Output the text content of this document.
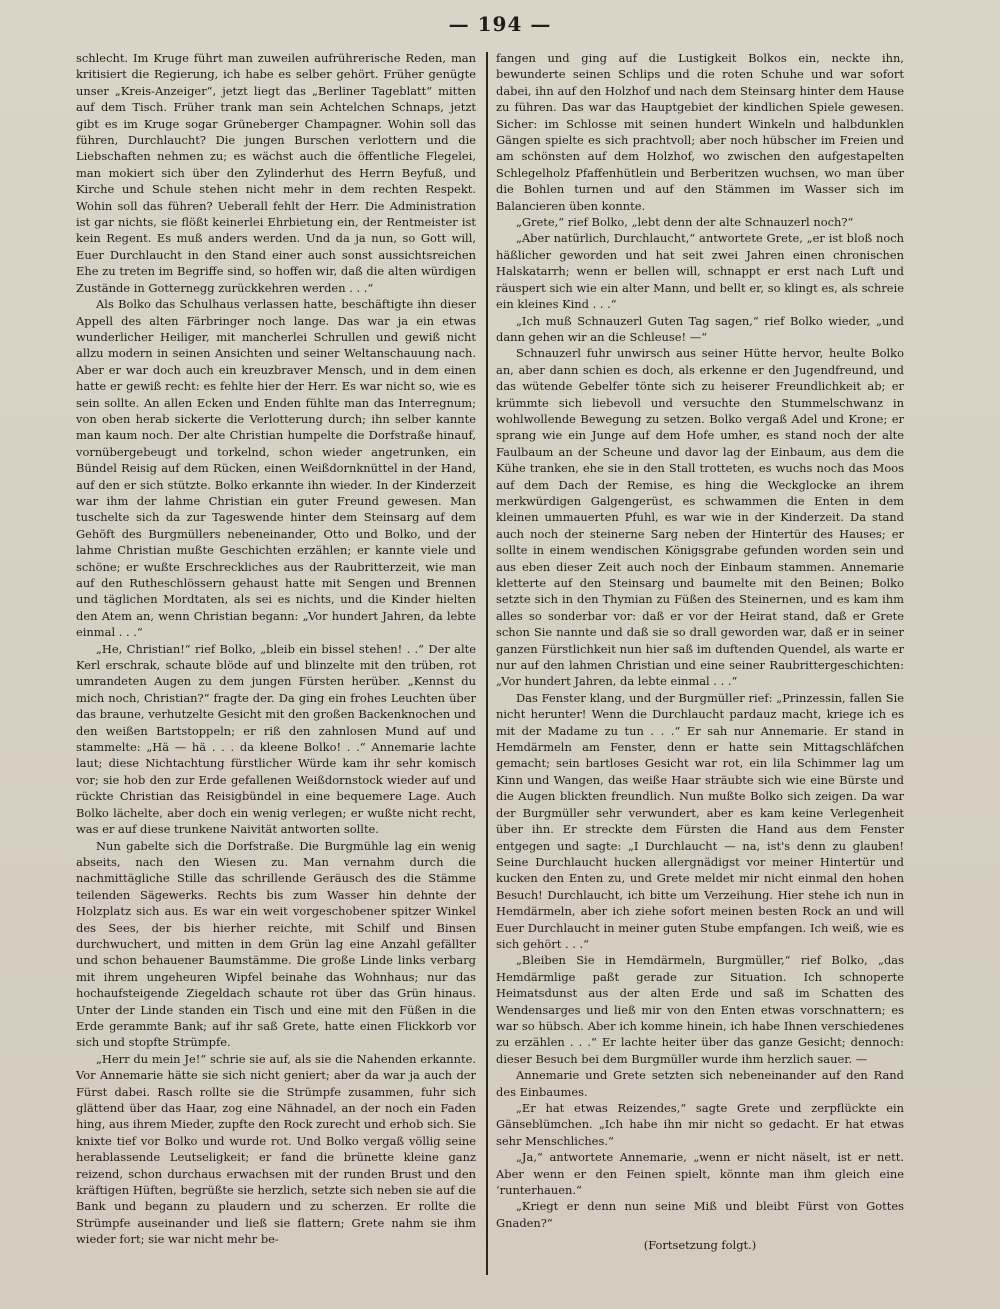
— 194 —

schlecht. Im Kruge führt man zuweilen aufrührerische Reden, man kritisiert die Regierung, ich habe es selber gehört. Früher genügte unser „Kreis-Anzeiger“, jetzt liegt das „Berliner Tageblatt“ mitten auf dem Tisch. Früher trank man sein Achtelchen Schnaps, jetzt gibt es im Kruge sogar Grüneberger Champagner. Wohin soll das führen, Durchlaucht? Die jungen Burschen verlottern und die Liebschaften nehmen zu; es wächst auch die öffentliche Flegelei, man mokiert sich über den Zylinderhut des Herrn Beyfuß, und Kirche und Schule stehen nicht mehr in dem rechten Respekt. Wohin soll das führen? Ueberall fehlt der Herr. Die Administration ist gar nichts, sie flößt keinerlei Ehrbietung ein, der Rentmeister ist kein Regent. Es muß anders werden. Und da ja nun, so Gott will, Euer Durchlaucht in den Stand einer auch sonst aussichtsreichen Ehe zu treten im Begriffe sind, so hoffen wir, daß die alten würdigen Zustände in Gotternegg zurückkehren werden . . .“

Als Bolko das Schulhaus verlassen hatte, beschäftigte ihn dieser Appell des alten Färbringer noch lange. Das war ja ein etwas wunderlicher Heiliger, mit mancherlei Schrullen und gewiß nicht allzu modern in seinen Ansichten und seiner Weltanschauung nach. Aber er war doch auch ein kreuzbraver Mensch, und in dem einen hatte er gewiß recht: es fehlte hier der Herr. Es war nicht so, wie es sein sollte. An allen Ecken und Enden fühlte man das Interregnum; von oben herab sickerte die Verlotterung durch; ihn selber kannte man kaum noch. Der alte Christian humpelte die Dorfstraße hinauf, vornübergebeugt und torkelnd, schon wieder angetrunken, ein Bündel Reisig auf dem Rücken, einen Weißdornknüttel in der Hand, auf den er sich stützte. Bolko erkannte ihn wieder. In der Kinderzeit war ihm der lahme Christian ein guter Freund gewesen. Man tuschelte sich da zur Tageswende hinter dem Steinsarg auf dem Gehöft des Burgmüllers nebeneinander, Otto und Bolko, und der lahme Christian mußte Geschichten erzählen; er kannte viele und schöne; er wußte Erschreckliches aus der Raubritterzeit, wie man auf den Rutheschlössern gehaust hatte mit Sengen und Brennen und täglichen Mordtaten, als sei es nichts, und die Kinder hielten den Atem an, wenn Christian begann: „Vor hundert Jahren, da lebte einmal . . .“

„He, Christian!“ rief Bolko, „bleib ein bissel stehen! . .“ Der alte Kerl erschrak, schaute blöde auf und blinzelte mit den trüben, rot umrandeten Augen zu dem jungen Fürsten herüber. „Kennst du mich noch, Christian?“ fragte der. Da ging ein frohes Leuchten über das braune, verhutzelte Gesicht mit den großen Backenknochen und den weißen Bartstoppeln; er riß den zahnlosen Mund auf und stammelte: „Hä — hä . . . da kleene Bolko! . .“ Annemarie lachte laut; diese Nichtachtung fürstlicher Würde kam ihr sehr komisch vor; sie hob den zur Erde gefallenen Weißdornstock wieder auf und rückte Christian das Reisigbündel in eine bequemere Lage. Auch Bolko lächelte, aber doch ein wenig verlegen; er wußte nicht recht, was er auf diese trunkene Naivität antworten sollte.

Nun gabelte sich die Dorfstraße. Die Burgmühle lag ein wenig abseits, nach den Wiesen zu. Man vernahm durch die nachmittägliche Stille das schrillende Geräusch des die Stämme teilenden Sägewerks. Rechts bis zum Wasser hin dehnte der Holzplatz sich aus. Es war ein weit vorgeschobener spitzer Winkel des Sees, der bis hierher reichte, mit Schilf und Binsen durchwuchert, und mitten in dem Grün lag eine Anzahl gefällter und schon behauener Baumstämme. Die große Linde links verbarg mit ihrem ungeheuren Wipfel beinahe das Wohnhaus; nur das hochaufsteigende Ziegeldach schaute rot über das Grün hinaus. Unter der Linde standen ein Tisch und eine mit den Füßen in die Erde gerammte Bank; auf ihr saß Grete, hatte einen Flickkorb vor sich und stopfte Strümpfe.

„Herr du mein Je!“ schrie sie auf, als sie die Nahenden erkannte. Vor Annemarie hätte sie sich nicht geniert; aber da war ja auch der Fürst dabei. Rasch rollte sie die Strümpfe zusammen, fuhr sich glättend über das Haar, zog eine Nähnadel, an der noch ein Faden hing, aus ihrem Mieder, zupfte den Rock zurecht und erhob sich. Sie knixte tief vor Bolko und wurde rot. Und Bolko vergaß völlig seine herablassende Leutseligkeit; er fand die brünette kleine ganz reizend, schon durchaus erwachsen mit der runden Brust und den kräftigen Hüften, begrüßte sie herzlich, setzte sich neben sie auf die Bank und begann zu plaudern und zu scherzen. Er rollte die Strümpfe auseinander und ließ sie flattern; Grete nahm sie ihm wieder fort; sie war nicht mehr be-

fangen und ging auf die Lustigkeit Bolkos ein, neckte ihn, bewunderte seinen Schlips und die roten Schuhe und war sofort dabei, ihn auf den Holzhof und nach dem Steinsarg hinter dem Hause zu führen. Das war das Hauptgebiet der kindlichen Spiele gewesen. Sicher: im Schlosse mit seinen hundert Winkeln und halbdunklen Gängen spielte es sich prachtvoll; aber noch hübscher im Freien und am schönsten auf dem Holzhof, wo zwischen den aufgestapelten Schlegelholz Pfaffenhütlein und Berberitzen wuchsen, wo man über die Bohlen turnen und auf den Stämmen im Wasser sich im Balancieren üben konnte.

„Grete,“ rief Bolko, „lebt denn der alte Schnauzerl noch?“

„Aber natürlich, Durchlaucht,“ antwortete Grete, „er ist bloß noch häßlicher geworden und hat seit zwei Jahren einen chronischen Halskatarrh; wenn er bellen will, schnappt er erst nach Luft und räuspert sich wie ein alter Mann, und bellt er, so klingt es, als schreie ein kleines Kind . . .“

„Ich muß Schnauzerl Guten Tag sagen,“ rief Bolko wieder, „und dann gehen wir an die Schleuse! —“

Schnauzerl fuhr unwirsch aus seiner Hütte hervor, heulte Bolko an, aber dann schien es doch, als erkenne er den Jugendfreund, und das wütende Gebelfer tönte sich zu heiserer Freundlichkeit ab; er krümmte sich liebevoll und versuchte den Stummelschwanz in wohlwollende Bewegung zu setzen. Bolko vergaß Adel und Krone; er sprang wie ein Junge auf dem Hofe umher, es stand noch der alte Faulbaum an der Scheune und davor lag der Einbaum, aus dem die Kühe tranken, ehe sie in den Stall trotteten, es wuchs noch das Moos auf dem Dach der Remise, es hing die Weckglocke an ihrem merkwürdigen Galgengerüst, es schwammen die Enten in dem kleinen ummauerten Pfuhl, es war wie in der Kinderzeit. Da stand auch noch der steinerne Sarg neben der Hintertür des Hauses; er sollte in einem wendischen Königsgrabe gefunden worden sein und aus eben dieser Zeit auch noch der Einbaum stammen. Annemarie kletterte auf den Steinsarg und baumelte mit den Beinen; Bolko setzte sich in den Thymian zu Füßen des Steinernen, und es kam ihm alles so sonderbar vor: daß er vor der Heirat stand, daß er Grete schon Sie nannte und daß sie so drall geworden war, daß er in seiner ganzen Fürstlichkeit nun hier saß im duftenden Quendel, als warte er nur auf den lahmen Christian und eine seiner Raubrittergeschichten: „Vor hundert Jahren, da lebte einmal . . .“

Das Fenster klang, und der Burgmüller rief: „Prinzessin, fallen Sie nicht herunter! Wenn die Durchlaucht pardauz macht, kriege ich es mit der Madame zu tun . . .“ Er sah nur Annemarie. Er stand in Hemdärmeln am Fenster, denn er hatte sein Mittagschläfchen gemacht; sein bartloses Gesicht war rot, ein lila Schimmer lag um Kinn und Wangen, das weiße Haar sträubte sich wie eine Bürste und die Augen blickten freundlich. Nun mußte Bolko sich zeigen. Da war der Burgmüller sehr verwundert, aber es kam keine Verlegenheit über ihn. Er streckte dem Fürsten die Hand aus dem Fenster entgegen und sagte: „I Durchlaucht — na, ist's denn zu glauben! Seine Durchlaucht hucken allergnädigst vor meiner Hintertür und kucken den Enten zu, und Grete meldet mir nicht einmal den hohen Besuch! Durchlaucht, ich bitte um Verzeihung. Hier stehe ich nun in Hemdärmeln, aber ich ziehe sofort meinen besten Rock an und will Euer Durchlaucht in meiner guten Stube empfangen. Ich weiß, wie es sich gehört . . .“

„Bleiben Sie in Hemdärmeln, Burgmüller,“ rief Bolko, „das Hemdärmlige paßt gerade zur Situation. Ich schnoperte Heimatsdunst aus der alten Erde und saß im Schatten des Wendensarges und ließ mir von den Enten etwas vorschnattern; es war so hübsch. Aber ich komme hinein, ich habe Ihnen verschiedenes zu erzählen . . .“ Er lachte heiter über das ganze Gesicht; dennoch: dieser Besuch bei dem Burgmüller wurde ihm herzlich sauer. —

Annemarie und Grete setzten sich nebeneinander auf den Rand des Einbaumes.

„Er hat etwas Reizendes,“ sagte Grete und zerpflückte ein Gänseblümchen. „Ich habe ihn mir nicht so gedacht. Er hat etwas sehr Menschliches.“

„Ja,“ antwortete Annemarie, „wenn er nicht näselt, ist er nett. Aber wenn er den Feinen spielt, könnte man ihm gleich eine ‘runterhauen.“

„Kriegt er denn nun seine Miß und bleibt Fürst von Gottes Gnaden?“

(Fortsetzung folgt.)
